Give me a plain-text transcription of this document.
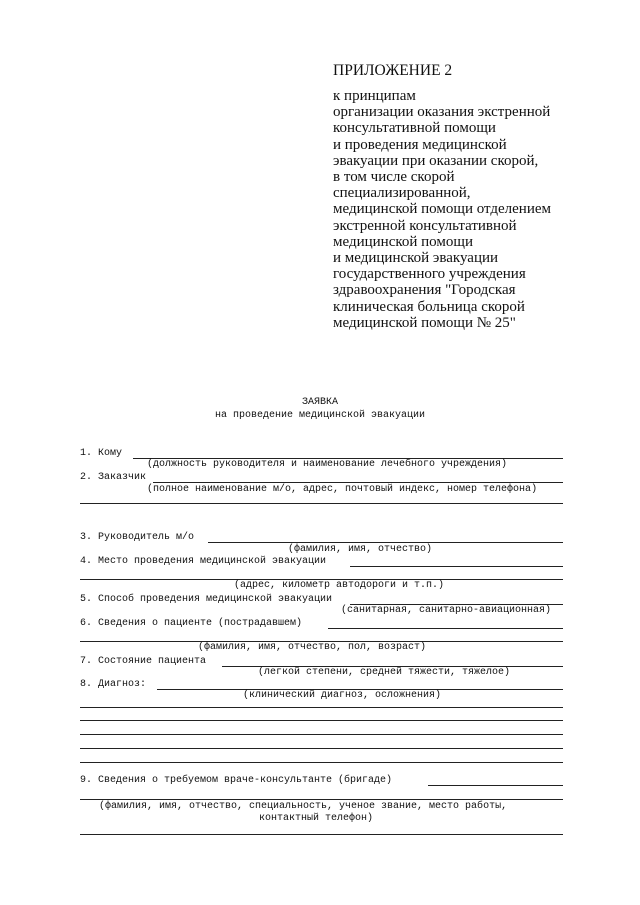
ПРИЛОЖЕНИЕ 2
к принципам
организации оказания экстренной
консультативной помощи
и проведения медицинской
эвакуации при оказании скорой,
в том числе скорой
специализированной,
медицинской помощи отделением
экстренной консультативной
медицинской помощи
и медицинской эвакуации
государственного учреждения
здравоохранения "Городская
клиническая больница скорой
медицинской помощи № 25"
ЗАЯВКА
на проведение медицинской эвакуации
1. Кому
(должность руководителя и наименование лечебного учреждения)
2. Заказчик
(полное наименование м/о, адрес, почтовый индекс, номер телефона)
3. Руководитель м/о
(фамилия, имя, отчество)
4. Место проведения медицинской эвакуации
(адрес, километр автодороги и т.п.)
5. Способ проведения медицинской эвакуации
(санитарная, санитарно-авиационная)
6. Сведения о пациенте (пострадавшем)
(фамилия, имя, отчество, пол, возраст)
7. Состояние пациента
(легкой степени, средней тяжести, тяжелое)
8. Диагноз:
(клинический диагноз, осложнения)
9. Сведения о требуемом враче-консультанте (бригаде)
(фамилия, имя, отчество, специальность, ученое звание, место работы,
контактный телефон)
